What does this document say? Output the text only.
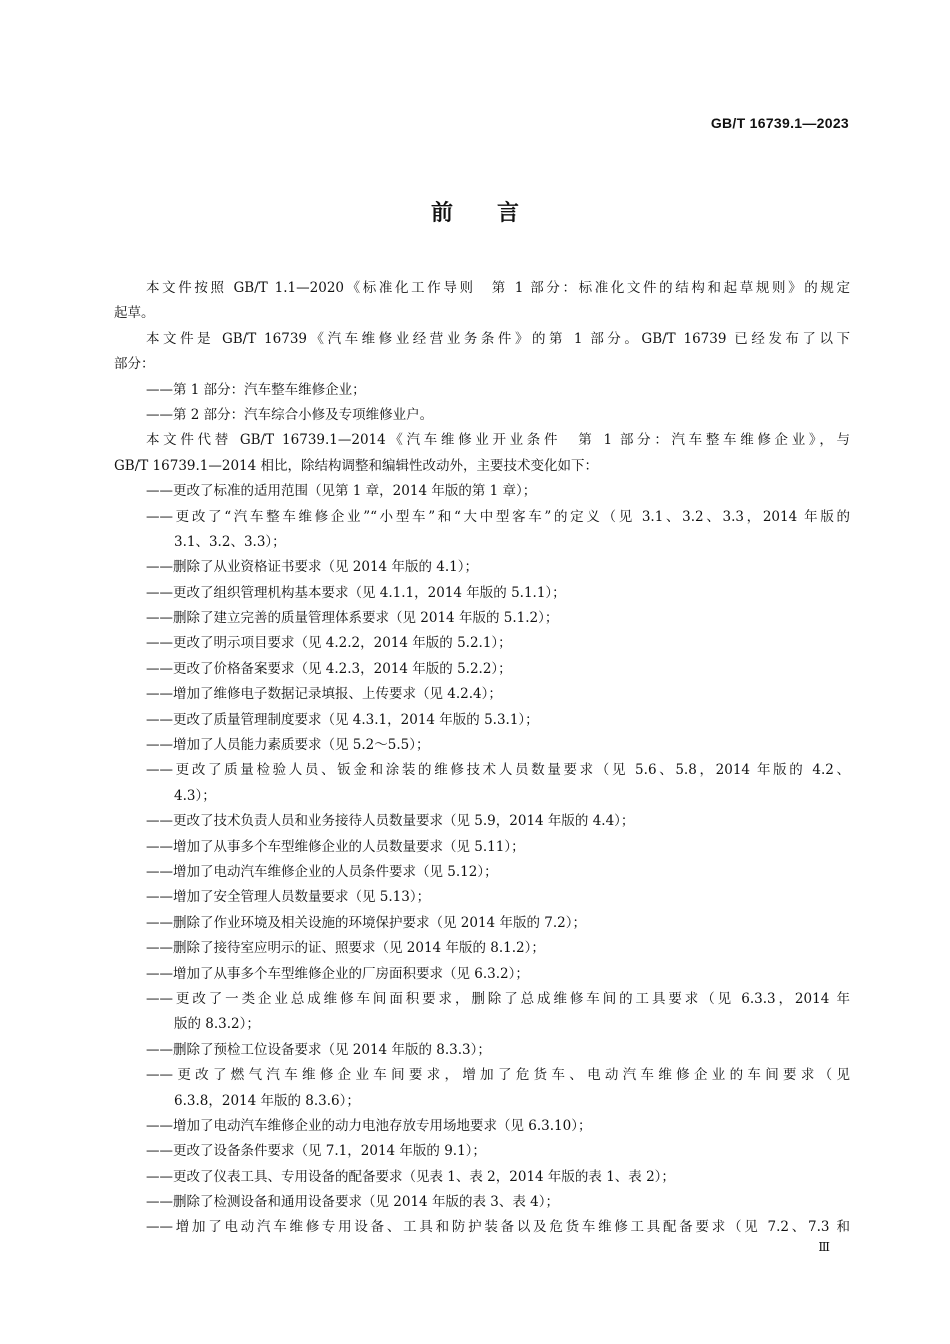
GB/T 16739.1—2023
前言
本文件按照 GB/T 1.1—2020《标准化工作导则　第 1 部分：标准化文件的结构和起草规则》的规定
起草。
本文件是 GB/T 16739《汽车维修业经营业务条件》的第 1 部分。GB/T 16739 已经发布了以下
部分：
——第 1 部分：汽车整车维修企业；
——第 2 部分：汽车综合小修及专项维修业户。
本文件代替 GB/T 16739.1—2014《汽车维修业开业条件　第 1 部分：汽车整车维修企业》，与
GB/T 16739.1—2014 相比，除结构调整和编辑性改动外，主要技术变化如下：
——更改了标准的适用范围（见第 1 章，2014 年版的第 1 章）；
——更改了“汽车整车维修企业”“小型车”和“大中型客车”的定义（见 3.1、3.2、3.3，2014 年版的
3.1、3.2、3.3）；
——删除了从业资格证书要求（见 2014 年版的 4.1）；
——更改了组织管理机构基本要求（见 4.1.1，2014 年版的 5.1.1）；
——删除了建立完善的质量管理体系要求（见 2014 年版的 5.1.2）；
——更改了明示项目要求（见 4.2.2，2014 年版的 5.2.1）；
——更改了价格备案要求（见 4.2.3，2014 年版的 5.2.2）；
——增加了维修电子数据记录填报、上传要求（见 4.2.4）；
——更改了质量管理制度要求（见 4.3.1，2014 年版的 5.3.1）；
——增加了人员能力素质要求（见 5.2～5.5）；
——更改了质量检验人员、钣金和涂装的维修技术人员数量要求（见 5.6、5.8，2014 年版的 4.2、
4.3）；
——更改了技术负责人员和业务接待人员数量要求（见 5.9，2014 年版的 4.4）；
——增加了从事多个车型维修企业的人员数量要求（见 5.11）；
——增加了电动汽车维修企业的人员条件要求（见 5.12）；
——增加了安全管理人员数量要求（见 5.13）；
——删除了作业环境及相关设施的环境保护要求（见 2014 年版的 7.2）；
——删除了接待室应明示的证、照要求（见 2014 年版的 8.1.2）；
——增加了从事多个车型维修企业的厂房面积要求（见 6.3.2）；
——更改了一类企业总成维修车间面积要求，删除了总成维修车间的工具要求（见 6.3.3，2014 年
版的 8.3.2）；
——删除了预检工位设备要求（见 2014 年版的 8.3.3）；
——更改了燃气汽车维修企业车间要求，增加了危货车、电动汽车维修企业的车间要求（见
6.3.8，2014 年版的 8.3.6）；
——增加了电动汽车维修企业的动力电池存放专用场地要求（见 6.3.10）；
——更改了设备条件要求（见 7.1，2014 年版的 9.1）；
——更改了仪表工具、专用设备的配备要求（见表 1、表 2，2014 年版的表 1、表 2）；
——删除了检测设备和通用设备要求（见 2014 年版的表 3、表 4）；
——增加了电动汽车维修专用设备、工具和防护装备以及危货车维修工具配备要求（见 7.2、7.3 和
Ⅲ
